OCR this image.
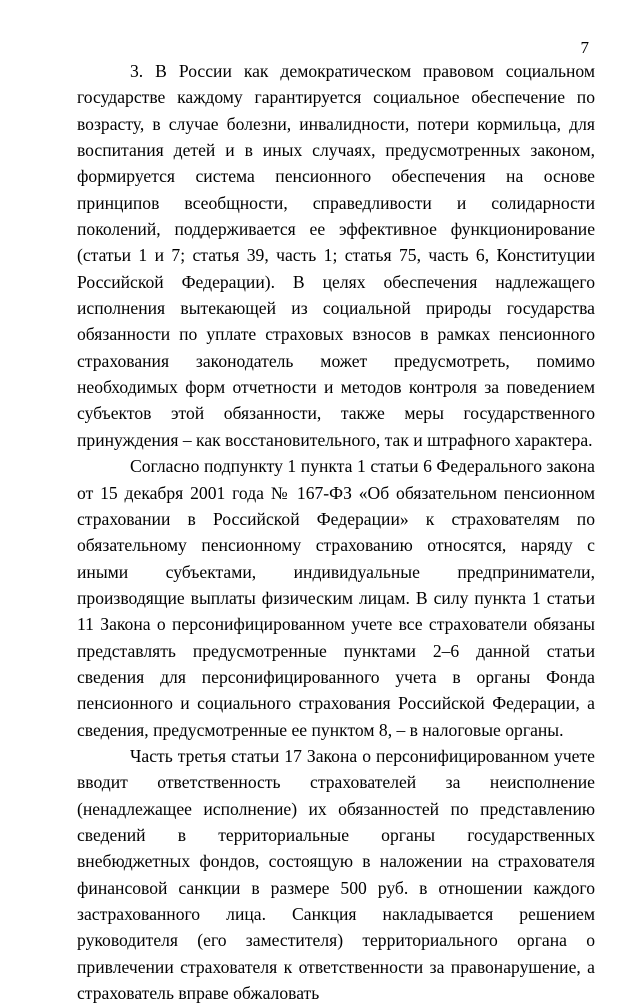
7

3. В России как демократическом правовом социальном государстве каждому гарантируется социальное обеспечение по возрасту, в случае болезни, инвалидности, потери кормильца, для воспитания детей и в иных случаях, предусмотренных законом, формируется система пенсионного обеспечения на основе принципов всеобщности, справедливости и солидарности поколений, поддерживается ее эффективное функционирование (статьи 1 и 7; статья 39, часть 1; статья 75, часть 6, Конституции Российской Федерации). В целях обеспечения надлежащего исполнения вытекающей из социальной природы государства обязанности по уплате страховых взносов в рамках пенсионного страхования законодатель может предусмотреть, помимо необходимых форм отчетности и методов контроля за поведением субъектов этой обязанности, также меры государственного принуждения – как восстановительного, так и штрафного характера.

Согласно подпункту 1 пункта 1 статьи 6 Федерального закона от 15 декабря 2001 года № 167-ФЗ «Об обязательном пенсионном страховании в Российской Федерации» к страхователям по обязательному пенсионному страхованию относятся, наряду с иными субъектами, индивидуальные предприниматели, производящие выплаты физическим лицам. В силу пункта 1 статьи 11 Закона о персонифицированном учете все страхователи обязаны представлять предусмотренные пунктами 2–6 данной статьи сведения для персонифицированного учета в органы Фонда пенсионного и социального страхования Российской Федерации, а сведения, предусмотренные ее пунктом 8, – в налоговые органы.

Часть третья статьи 17 Закона о персонифицированном учете вводит ответственность страхователей за неисполнение (ненадлежащее исполнение) их обязанностей по представлению сведений в территориальные органы государственных внебюджетных фондов, состоящую в наложении на страхователя финансовой санкции в размере 500 руб. в отношении каждого застрахованного лица. Санкция накладывается решением руководителя (его заместителя) территориального органа о привлечении страхователя к ответственности за правонарушение, а страхователь вправе обжаловать
